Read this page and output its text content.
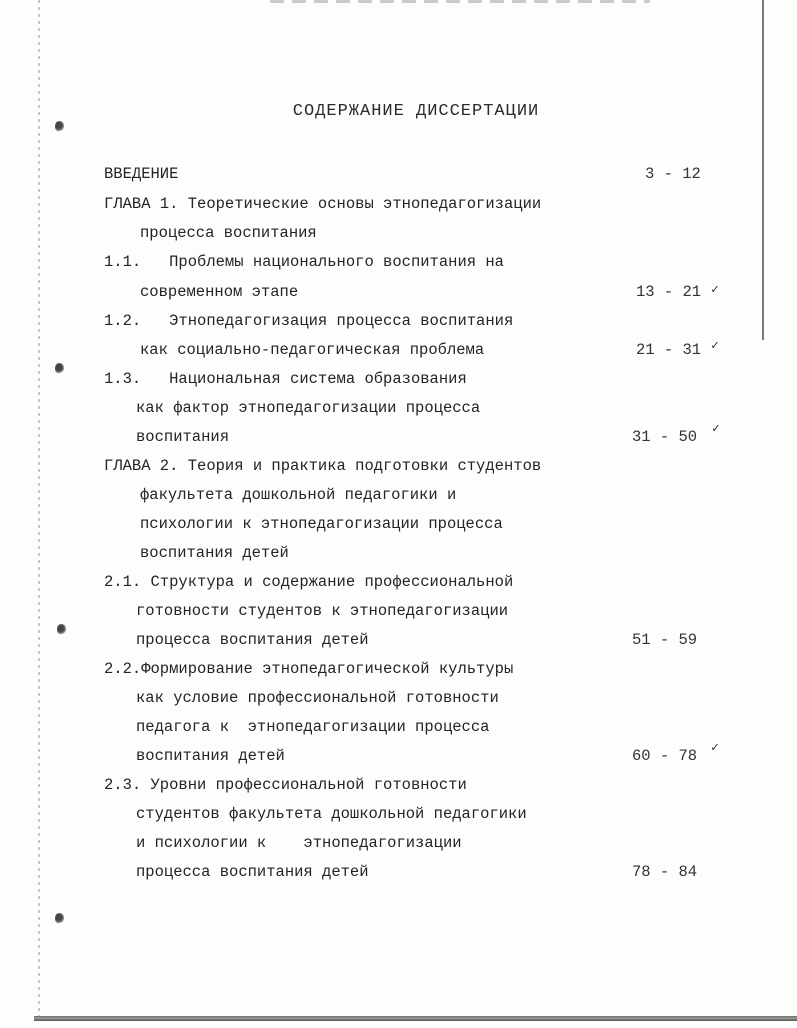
СОДЕРЖАНИЕ ДИССЕРТАЦИИ
ВВЕДЕНИЕ	3 - 12
ГЛАВА 1. Теоретические основы этнопедагогизации
процесса воспитания
1.1.   Проблемы национального воспитания на
современном этапе	13 - 21 ✓
1.2.   Этнопедагогизация процесса воспитания
как социально-педагогическая проблема	21 - 31 ✓
1.3.   Национальная система образования
как фактор этнопедагогизации процесса
воспитания	31 - 50 ✓
ГЛАВА 2. Теория и практика подготовки студентов
факультета дошкольной педагогики и
психологии к этнопедагогизации процесса
воспитания детей
2.1. Структура и содержание профессиональной
готовности студентов к этнопедагогизации
процесса воспитания детей	51 - 59
2.2.Формирование этнопедагогической культуры
как условие профессиональной готовности
педагога к  этнопедагогизации процесса
воспитания детей	60 - 78 ✓
2.3. Уровни профессиональной готовности
студентов факультета дошкольной педагогики
и психологии к    этнопедагогизации
процесса воспитания детей	78 - 84
